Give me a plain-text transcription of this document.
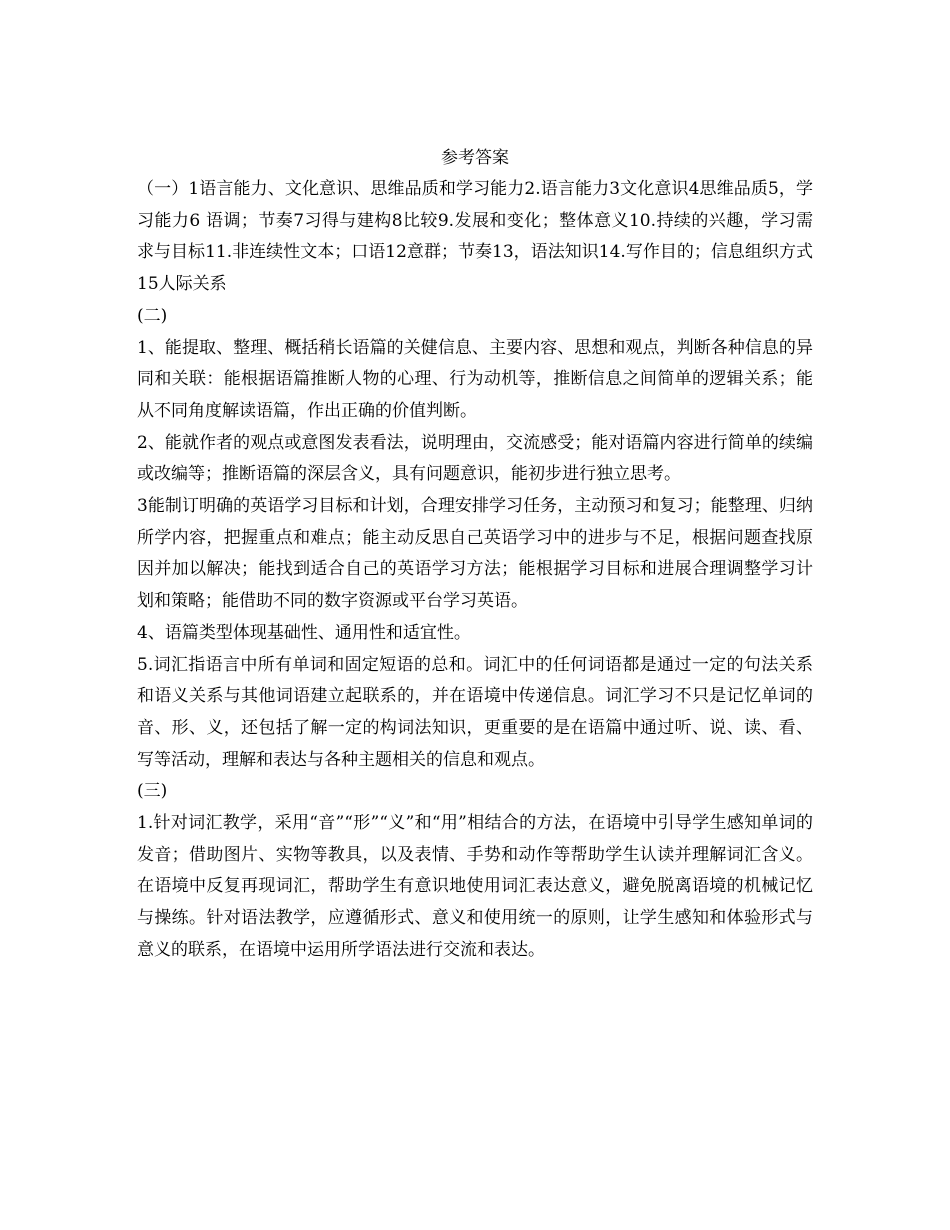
参考答案

（一）1语言能力、文化意识、思维品质和学习能力2.语言能力3文化意识4思维品质5，学习能力6 语调；节奏7习得与建构8比较9.发展和变化；整体意义10.持续的兴趣，学习需求与目标11.非连续性文本；口语12意群；节奏13，语法知识14.写作目的；信息组织方式15人际关系

(二)

1、能提取、整理、概括稍长语篇的关健信息、主要内容、思想和观点，判断各种信息的异同和关联：能根据语篇推断人物的心理、行为动机等，推断信息之间简单的逻辑关系；能从不同角度解读语篇，作出正确的价值判断。

2、能就作者的观点或意图发表看法，说明理由，交流感受；能对语篇内容进行简单的续编或改编等；推断语篇的深层含义，具有问题意识，能初步进行独立思考。

3能制订明确的英语学习目标和计划，合理安排学习任务，主动预习和复习；能整理、归纳所学内容，把握重点和难点；能主动反思自己英语学习中的进步与不足，根据问题查找原因并加以解决；能找到适合自己的英语学习方法；能根据学习目标和进展合理调整学习计划和策略；能借助不同的数字资源或平台学习英语。

4、语篇类型体现基础性、通用性和适宜性。

5.词汇指语言中所有单词和固定短语的总和。词汇中的任何词语都是通过一定的句法关系和语义关系与其他词语建立起联系的，并在语境中传递信息。词汇学习不只是记忆单词的音、形、义，还包括了解一定的构词法知识，更重要的是在语篇中通过听、说、读、看、写等活动，理解和表达与各种主题相关的信息和观点。

(三)

1.针对词汇教学，采用“音”“形”“义”和“用”相结合的方法，在语境中引导学生感知单词的发音；借助图片、实物等教具，以及表情、手势和动作等帮助学生认读并理解词汇含义。在语境中反复再现词汇，帮助学生有意识地使用词汇表达意义，避免脱离语境的机械记忆与操练。针对语法教学，应遵循形式、意义和使用统一的原则，让学生感知和体验形式与意义的联系，在语境中运用所学语法进行交流和表达。
